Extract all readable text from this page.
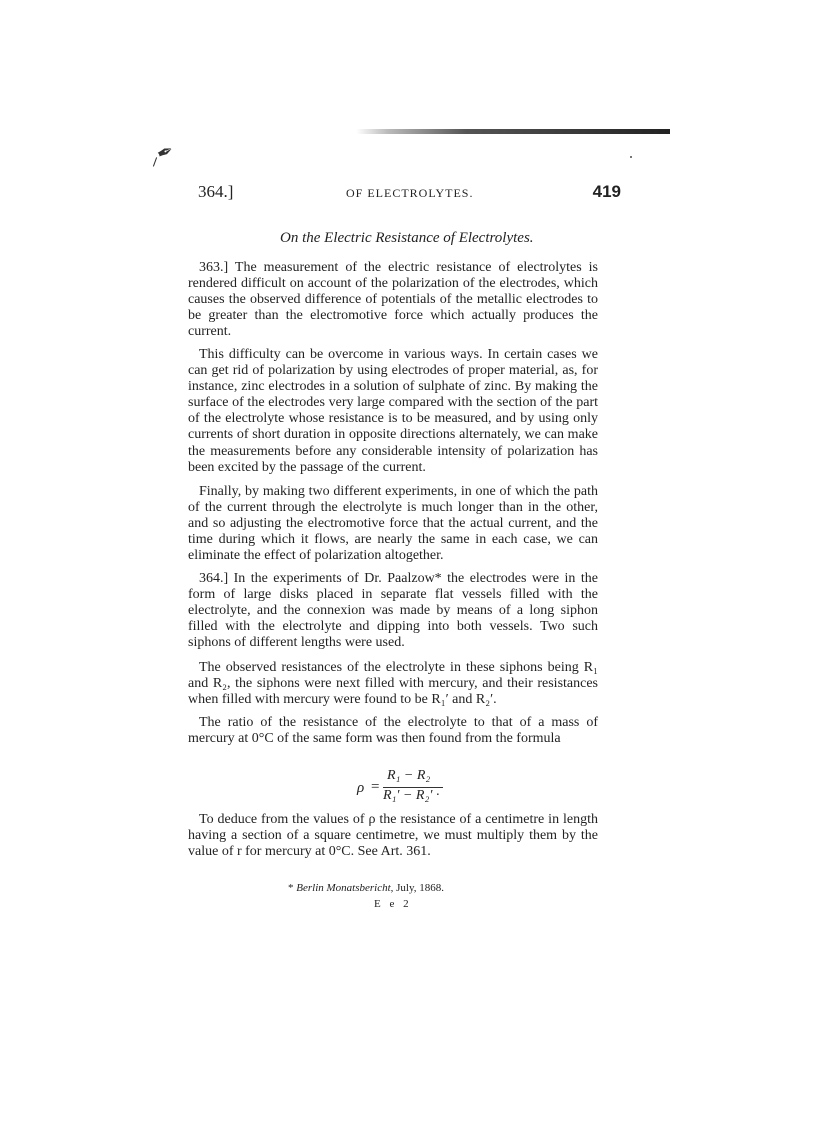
⸝✒
364.]	OF ELECTROLYTES.	419
On the Electric Resistance of Electrolytes.

363.] The measurement of the electric resistance of electrolytes is rendered difficult on account of the polarization of the electrodes, which causes the observed difference of potentials of the metallic electrodes to be greater than the electromotive force which actually produces the current.

This difficulty can be overcome in various ways. In certain cases we can get rid of polarization by using electrodes of proper material, as, for instance, zinc electrodes in a solution of sulphate of zinc. By making the surface of the electrodes very large compared with the section of the part of the electrolyte whose resistance is to be measured, and by using only currents of short duration in opposite directions alternately, we can make the measurements before any considerable intensity of polarization has been excited by the passage of the current.

Finally, by making two different experiments, in one of which the path of the current through the electrolyte is much longer than in the other, and so adjusting the electromotive force that the actual current, and the time during which it flows, are nearly the same in each case, we can eliminate the effect of polarization altogether.

364.] In the experiments of Dr. Paalzow* the electrodes were in the form of large disks placed in separate flat vessels filled with the electrolyte, and the connexion was made by means of a long siphon filled with the electrolyte and dipping into both vessels. Two such siphons of different lengths were used.

The observed resistances of the electrolyte in these siphons being R₁ and R₂, the siphons were next filled with mercury, and their resistances when filled with mercury were found to be R₁′ and R₂′.

The ratio of the resistance of the electrolyte to that of a mass of mercury at 0°C of the same form was then found from the formula

ρ =
R₁ − R₂
R₁′ − R₂′ ·

To deduce from the values of ρ the resistance of a centimetre in length having a section of a square centimetre, we must multiply them by the value of r for mercury at 0°C. See Art. 361.

* Berlin Monatsbericht, July, 1868.
E e 2
